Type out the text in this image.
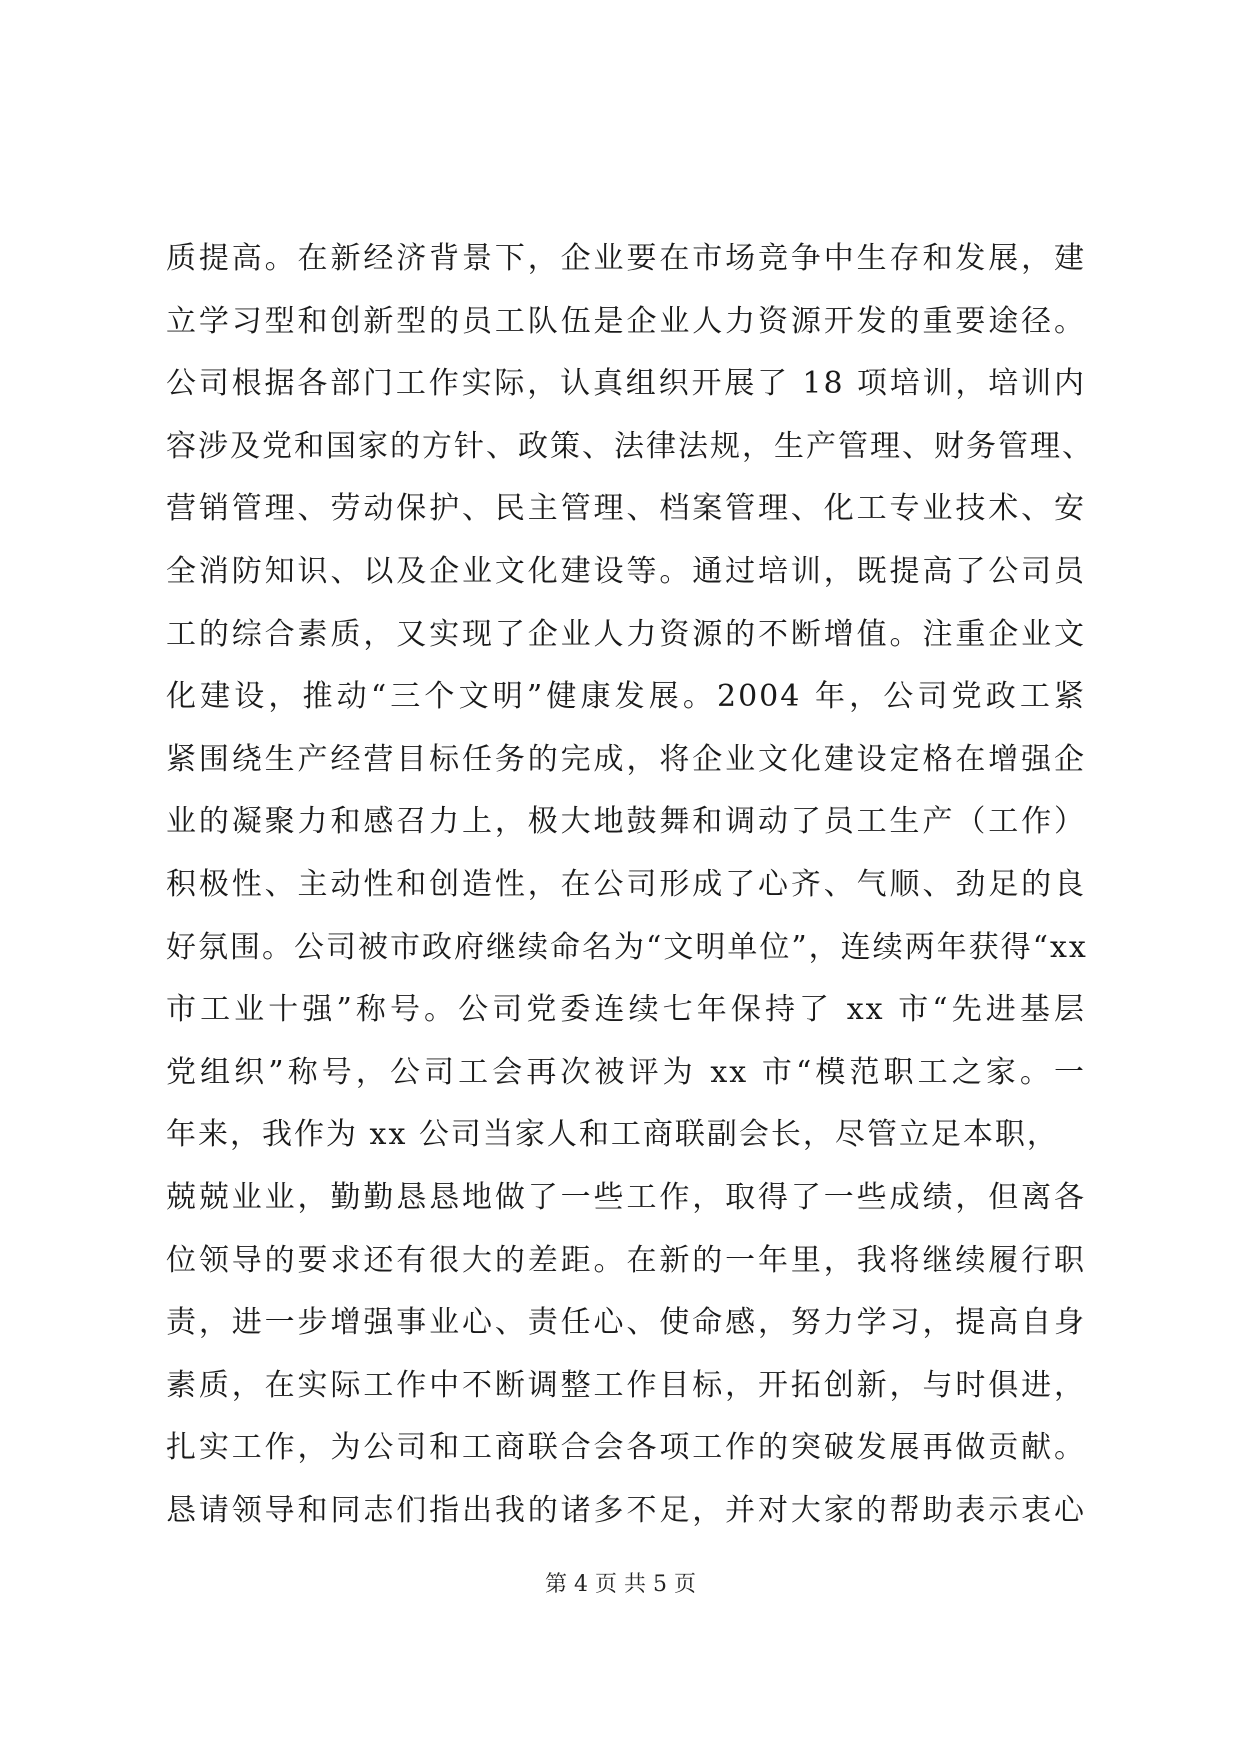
质提高。在新经济背景下，企业要在市场竞争中生存和发展，建
立学习型和创新型的员工队伍是企业人力资源开发的重要途径。
公司根据各部门工作实际，认真组织开展了 18 项培训，培训内
容涉及党和国家的方针、政策、法律法规，生产管理、财务管理、
营销管理、劳动保护、民主管理、档案管理、化工专业技术、安
全消防知识、以及企业文化建设等。通过培训，既提高了公司员
工的综合素质，又实现了企业人力资源的不断增值。注重企业文
化建设，推动“三个文明”健康发展。2004 年，公司党政工紧
紧围绕生产经营目标任务的完成，将企业文化建设定格在增强企
业的凝聚力和感召力上，极大地鼓舞和调动了员工生产（工作）
积极性、主动性和创造性，在公司形成了心齐、气顺、劲足的良
好氛围。公司被市政府继续命名为“文明单位”，连续两年获得“xx
市工业十强”称号。公司党委连续七年保持了 xx 市“先进基层
党组织”称号，公司工会再次被评为 xx 市“模范职工之家。一
年来，我作为 xx 公司当家人和工商联副会长，尽管立足本职，
兢兢业业，勤勤恳恳地做了一些工作，取得了一些成绩，但离各
位领导的要求还有很大的差距。在新的一年里，我将继续履行职
责，进一步增强事业心、责任心、使命感，努力学习，提高自身
素质，在实际工作中不断调整工作目标，开拓创新，与时俱进，
扎实工作，为公司和工商联合会各项工作的突破发展再做贡献。
恳请领导和同志们指出我的诸多不足，并对大家的帮助表示衷心
第 4 页 共 5 页
